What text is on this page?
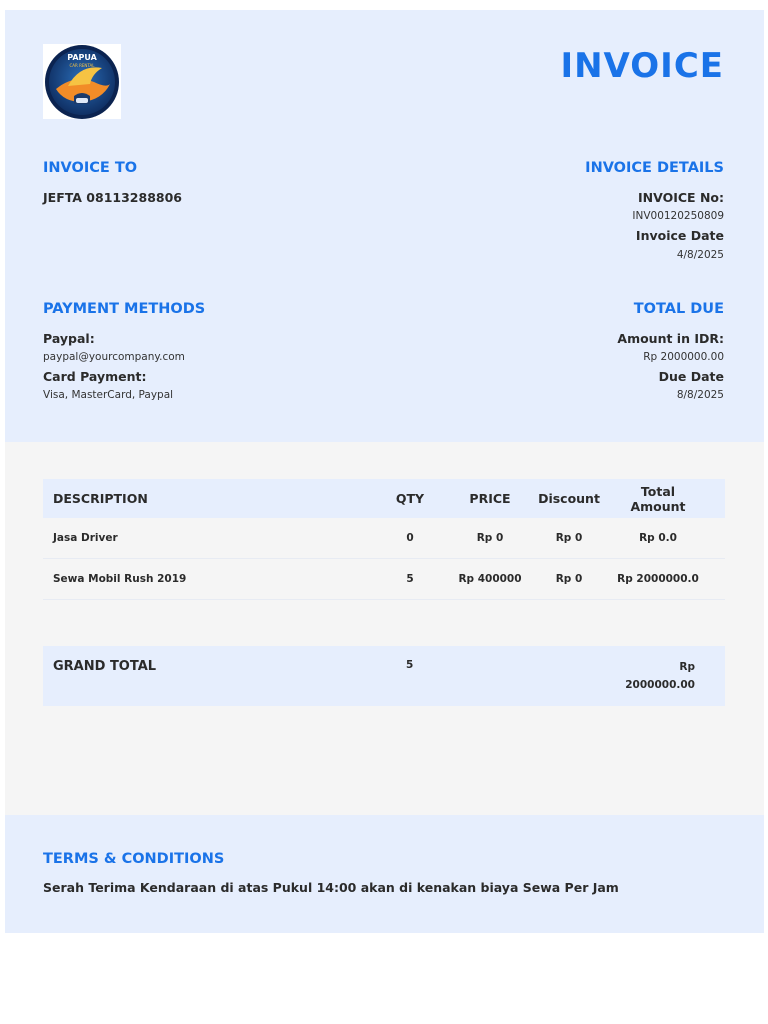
PAPUA
CAR RENTAL	INVOICE
INVOICE TO
JEFTA 08113288806
INVOICE DETAILS
INVOICE No:
INV00120250809
Invoice Date
4/8/2025
PAYMENT METHODS
Paypal:
paypal@yourcompany.com
Card Payment:
Visa, MasterCard, Paypal
TOTAL DUE
Amount in IDR:
Rp 2000000.00
Due Date
8/8/2025
DESCRIPTION	QTY	PRICE	Discount	Total Amount
Jasa Driver	0	Rp 0	Rp 0	Rp 0.0
Sewa Mobil Rush 2019	5	Rp 400000	Rp 0	Rp 2000000.0
GRAND TOTAL	5	Rp
2000000.00
TERMS & CONDITIONS
Serah Terima Kendaraan di atas Pukul 14:00 akan di kenakan biaya Sewa Per Jam
